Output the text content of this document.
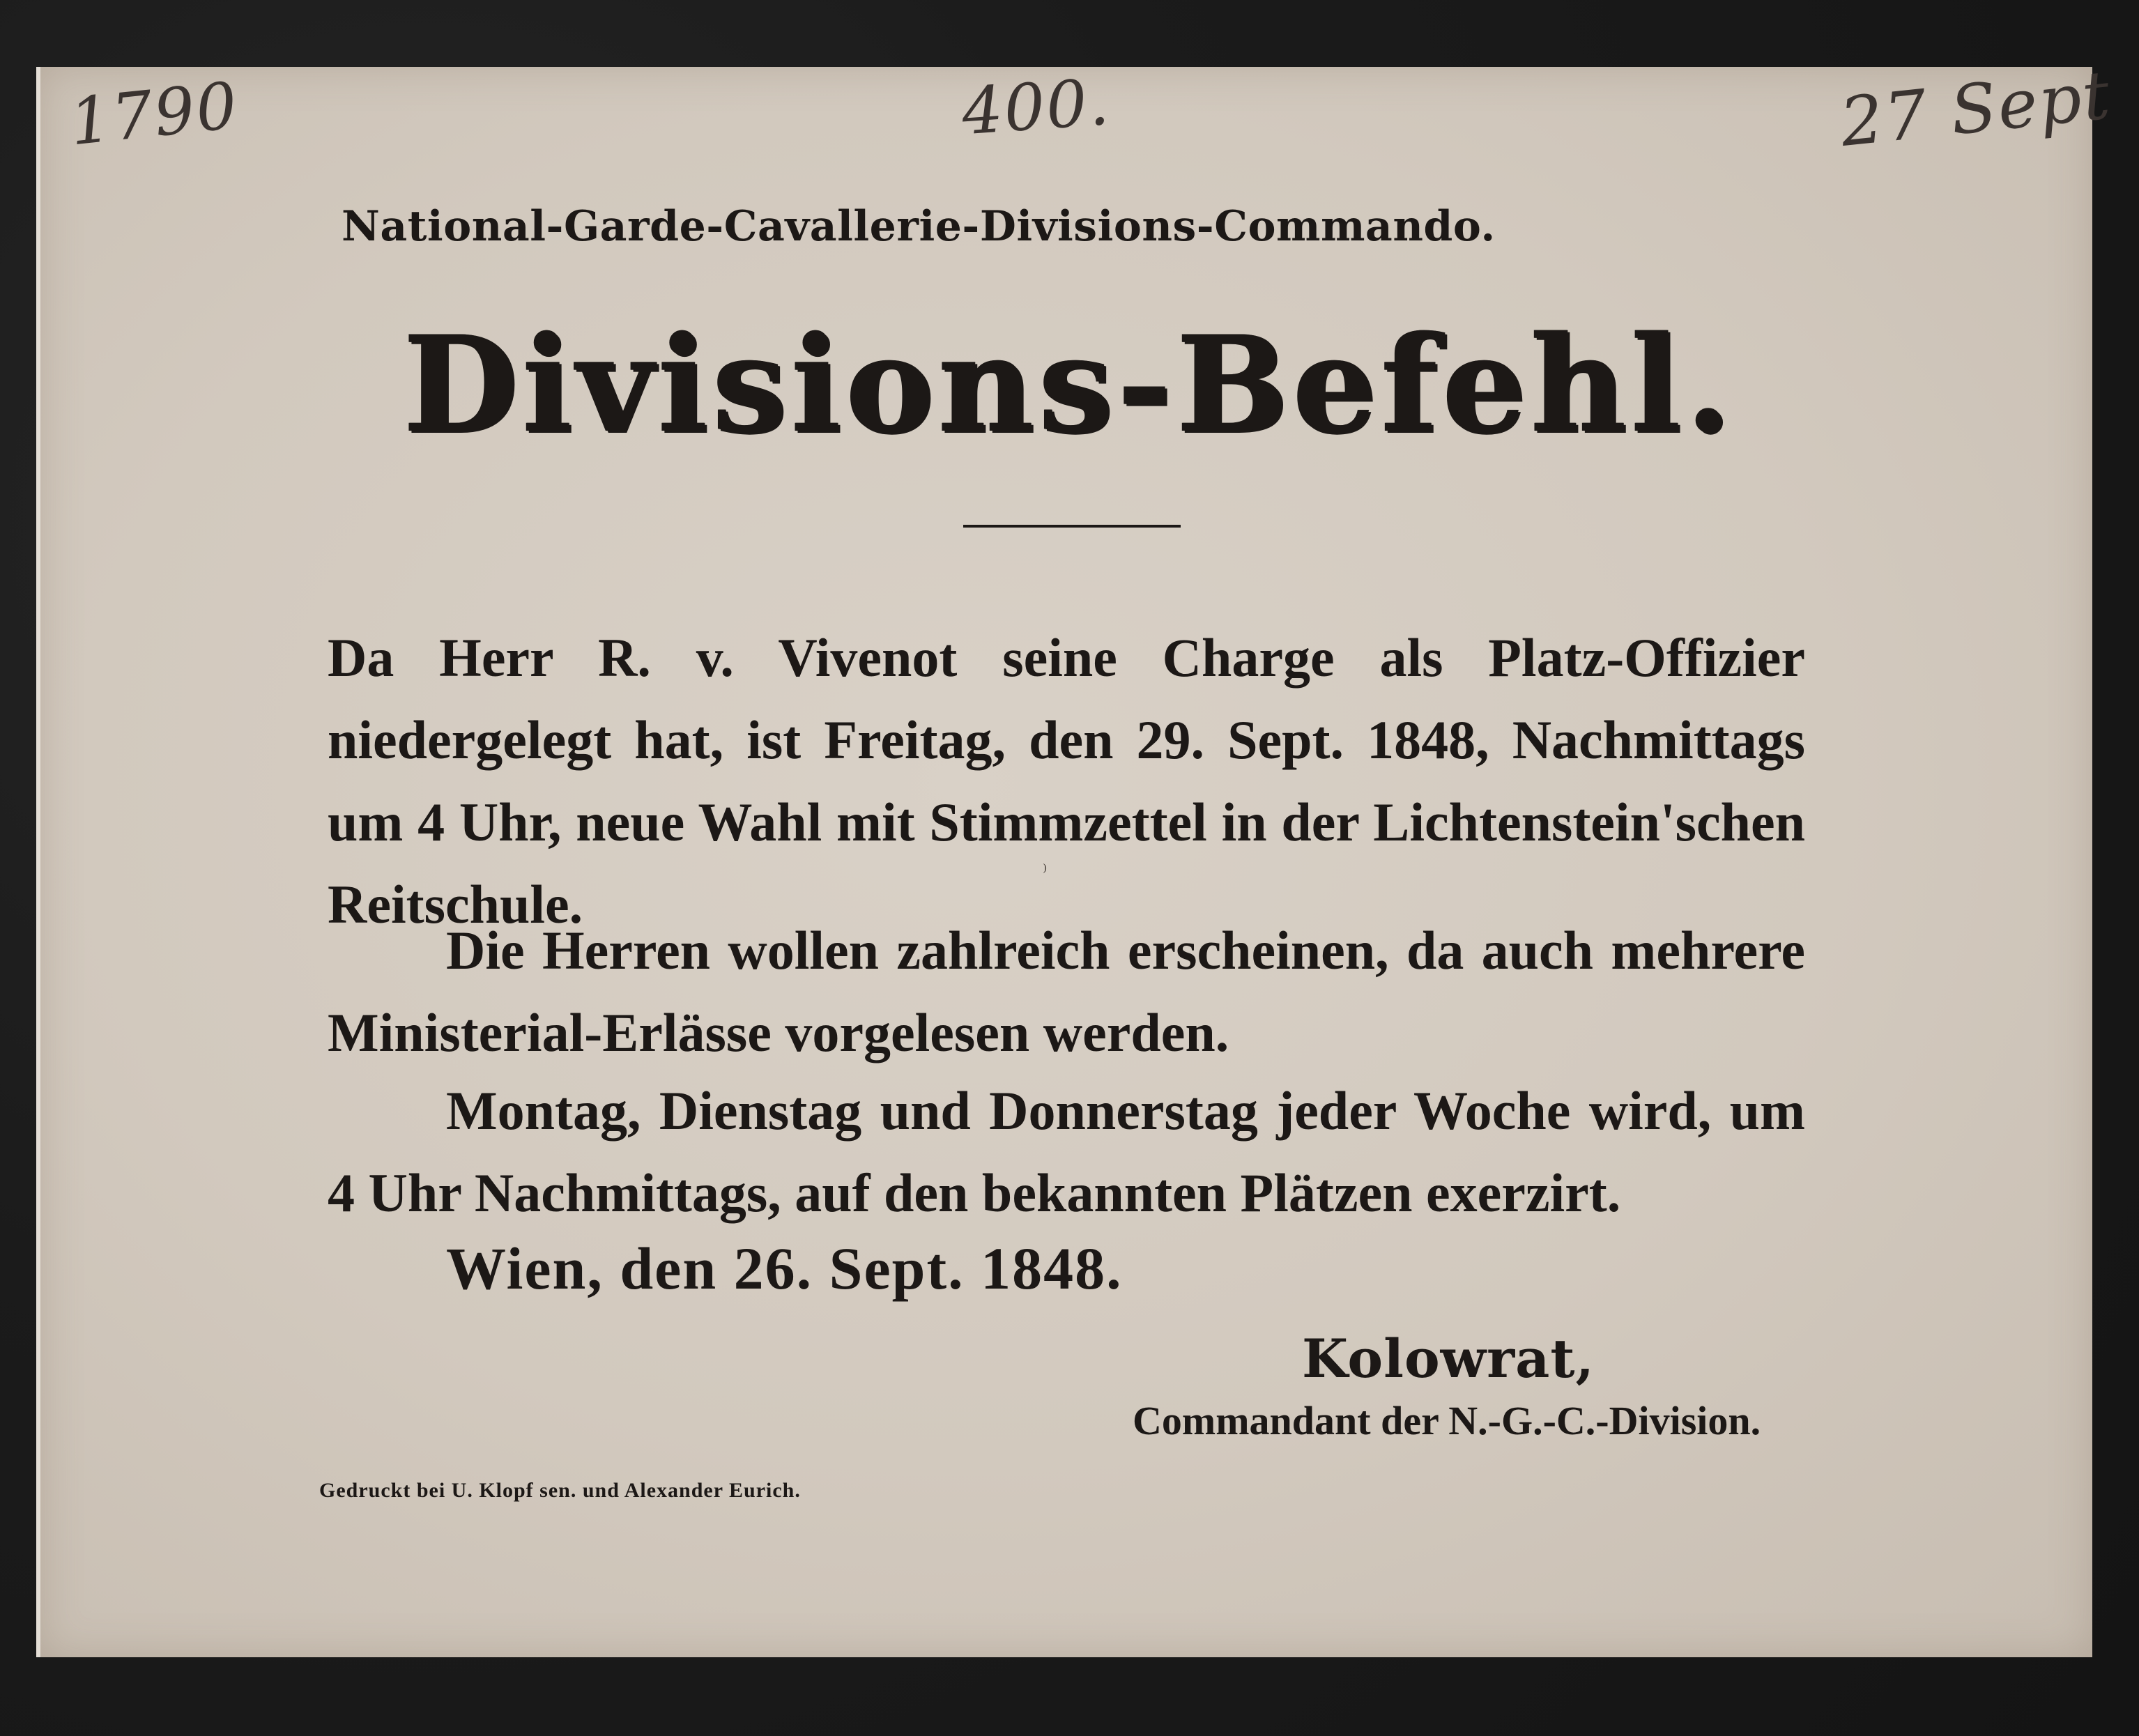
1790	400.	27 Sept
National-Garde-Cavallerie-Divisions-Commando.
Divisions-Befehl.
Da Herr R. v. Vivenot seine Charge als Platz-Offizier niedergelegt hat, ist Freitag, den 29. Sept. 1848, Nachmittags um 4 Uhr, neue Wahl mit Stimmzettel in der Lichtenstein'schen Reitschule.
⁾
Die Herren wollen zahlreich erscheinen, da auch mehrere Ministerial-Erlässe vorgelesen werden.
Montag, Dienstag und Donnerstag jeder Woche wird, um 4 Uhr Nachmittags, auf den bekannten Plätzen exerzirt.
Wien, den 26. Sept. 1848.
Kolowrat,
Commandant der N.-G.-C.-Division.
Gedruckt bei U. Klopf sen. und Alexander Eurich.
